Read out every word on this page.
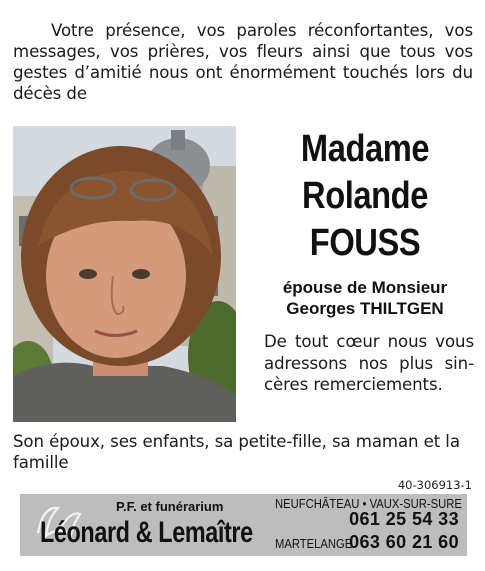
Votre présence, vos paroles réconfortantes, vos messages, vos prières, vos fleurs ainsi que tous vos gestes d’amitié nous ont énormément touchés lors du décès de

Madame
Rolande
FOUSS
épouse de Monsieur
Georges THILTGEN

De tout cœur nous vous adressons nos plus sin-cères remerciements.

Son époux, ses enfants, sa petite-fille, sa maman et la famille

40-306913-1
P.F. et funérarium
Léonard & Lemaître
NEUFCHÂTEAU • VAUX-SUR-SURE
061 25 54 33
MARTELANGE
063 60 21 60
